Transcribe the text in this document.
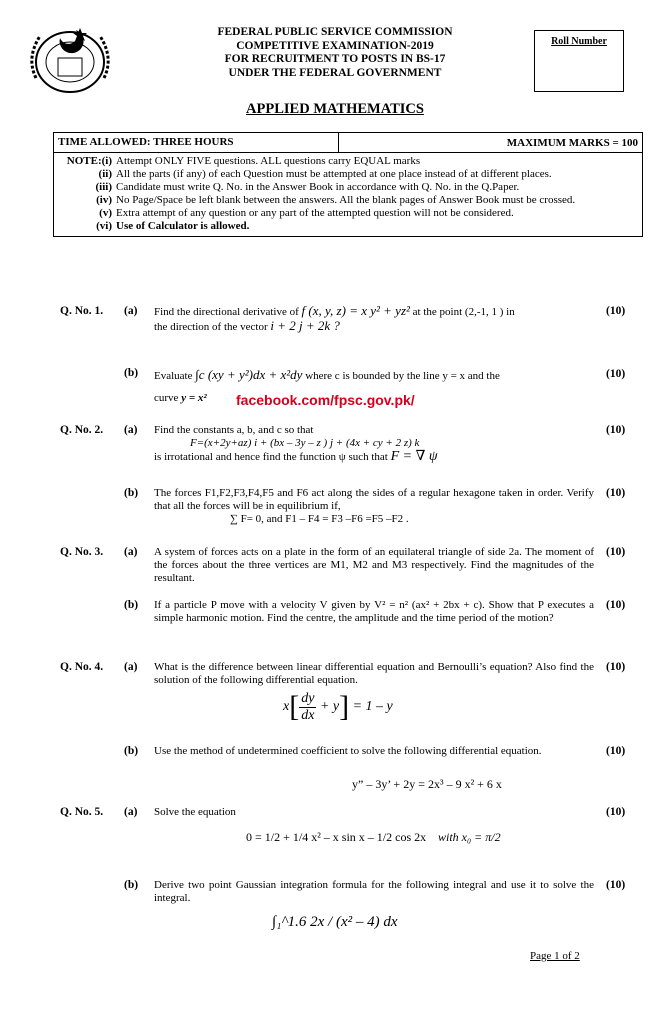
FEDERAL PUBLIC SERVICE COMMISSION
COMPETITIVE EXAMINATION-2019
FOR RECRUITMENT TO POSTS IN BS-17
UNDER THE FEDERAL GOVERNMENT
Roll Number
APPLIED MATHEMATICS
TIME ALLOWED: THREE HOURS	MAXIMUM MARKS = 100
NOTE:(i) Attempt ONLY FIVE questions. ALL questions carry EQUAL marks
(ii) All the parts (if any) of each Question must be attempted at one place instead of at different places.
(iii) Candidate must write Q. No. in the Answer Book in accordance with Q. No. in the Q.Paper.
(iv) No Page/Space be left blank between the answers. All the blank pages of Answer Book must be crossed.
(v) Extra attempt of any question or any part of the attempted question will not be considered.
(vi) Use of Calculator is allowed.
Q. No. 1. (a) Find the directional derivative of f (x, y, z) = x y² + yz² at the point (2,-1, 1 ) in
the direction of the vector i + 2 j + 2k ?
(10)
(b) Evaluate ∫c (xy + y²)dx + x²dy where c is bounded by the line y = x and the
curve y = x²
(10)
facebook.com/fpsc.gov.pk/
Q. No. 2. (a) Find the constants a, b, and c so that
F=(x+2y+az) i + (bx – 3y – z ) j + (4x + cy + 2 z) k
is irrotational and hence find the function ψ such that F = ∇ ψ
(10)
(b) The forces F1,F2,F3,F4,F5 and F6 act along the sides of a regular hexagone taken in order. Verify that all the forces will be in equilibrium if,
∑ F= 0, and F1 – F4 = F3 –F6 =F5 –F2 .
(10)
Q. No. 3. (a) A system of forces acts on a plate in the form of an equilateral triangle of side 2a. The moment of the forces about the three vertices are M1, M2 and M3 respectively. Find the magnitudes of the resultant.
(10)
(b) If a particle P move with a velocity V given by V² = n² (ax² + 2bx + c). Show that P executes a simple harmonic motion. Find the centre, the amplitude and the time period of the motion?
(10)
Q. No. 4. (a) What is the difference between linear differential equation and Bernoulli’s equation? Also find the solution of the following differential equation.
(10)
$x[ \frac{dy}{dx} + y] = 1 - y$
(b) Use the method of undetermined coefficient to solve the following differential equation.	(10)
y” – 3y’ + 2y = 2x³ – 9 x² + 6 x
Q. No. 5. (a) Solve the equation	(10)
0 = 1/2 + 1/4 x² – x sin x – 1/2 cos 2x with x₀ = π/2
(b) Derive two point Gaussian integration formula for the following integral and use it to solve the integral.
(10)
∫₁^1.6 2x / (x² – 4) dx
Page 1 of 2
